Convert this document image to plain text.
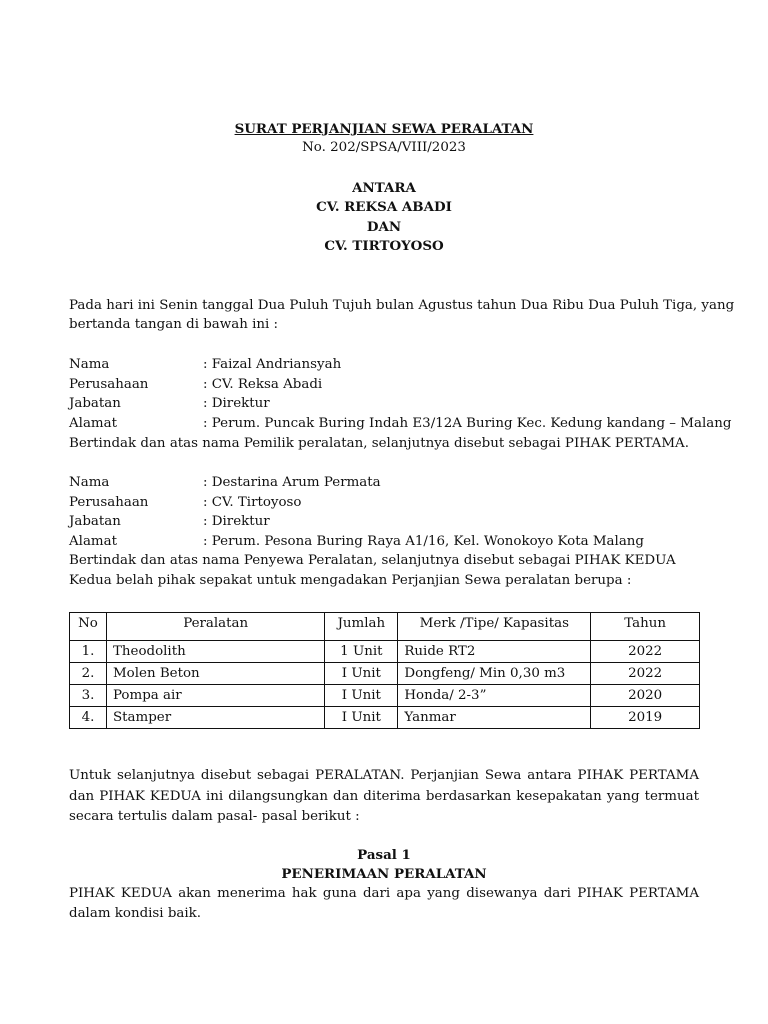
SURAT PERJANJIAN SEWA PERALATAN
No. 202/SPSA/VIII/2023
ANTARA
CV. REKSA ABADI
DAN
CV. TIRTOYOSO
Pada hari ini Senin tanggal Dua Puluh Tujuh bulan Agustus tahun Dua Ribu Dua Puluh Tiga, yang
bertanda tangan di bawah ini :
Nama	: Faizal Andriansyah
Perusahaan	: CV. Reksa Abadi
Jabatan	: Direktur
Alamat	: Perum. Puncak Buring Indah E3/12A Buring Kec. Kedung kandang – Malang
Bertindak dan atas nama Pemilik peralatan, selanjutnya disebut sebagai PIHAK PERTAMA.
Nama	: Destarina Arum Permata
Perusahaan	: CV. Tirtoyoso
Jabatan	: Direktur
Alamat	: Perum. Pesona Buring Raya A1/16, Kel. Wonokoyo Kota Malang
Bertindak dan atas nama Penyewa Peralatan, selanjutnya disebut sebagai PIHAK KEDUA
Kedua belah pihak sepakat untuk mengadakan Perjanjian Sewa peralatan berupa :
No	Peralatan	Jumlah	Merk /Tipe/ Kapasitas	Tahun
1.	Theodolith	1 Unit	Ruide RT2	2022
2.	Molen Beton	I Unit	Dongfeng/ Min 0,30 m3	2022
3.	Pompa air	I Unit	Honda/ 2-3”	2020
4.	Stamper	I Unit	Yanmar	2019
Untuk selanjutnya disebut sebagai PERALATAN. Perjanjian Sewa antara PIHAK PERTAMA
dan PIHAK KEDUA ini dilangsungkan dan diterima berdasarkan kesepakatan yang termuat
secara tertulis dalam pasal- pasal berikut :
Pasal 1
PENERIMAAN PERALATAN
PIHAK KEDUA akan menerima hak guna dari apa yang disewanya dari PIHAK PERTAMA
dalam kondisi baik.
